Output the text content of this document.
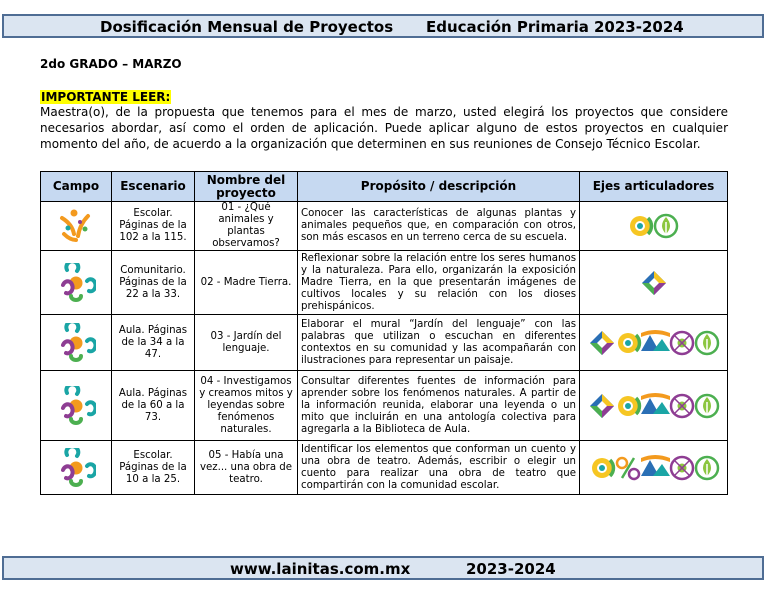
Dosificación Mensual de Proyectos Educación Primaria 2023-2024
2do GRADO – MARZO
IMPORTANTE LEER:
Maestra(o), de la propuesta que tenemos para el mes de marzo, usted elegirá los proyectos que considere necesarios abordar, así como el orden de aplicación. Puede aplicar alguno de estos proyectos en cualquier momento del año, de acuerdo a la organización que determinen en sus reuniones de Consejo Técnico Escolar.
Campo	Escenario	Nombre del proyecto	Propósito / descripción	Ejes articuladores

	Escolar. Páginas de la 102 a la 115.	01 - ¿Qué animales y plantas observamos?	Conocer las características de algunas plantas y animales pequeños que, en comparación con otros, son más escasos en un terreno cerca de su escuela.	

	Comunitario. Páginas de la 22 a la 33.	02 - Madre Tierra.	Reflexionar sobre la relación entre los seres humanos y la naturaleza. Para ello, organizarán la exposición Madre Tierra, en la que presentarán imágenes de cultivos locales y su relación con los dioses prehispánicos.	

	Aula. Páginas de la 34 a la 47.	03 - Jardín del lenguaje.	Elaborar el mural “Jardín del lenguaje” con las palabras que utilizan o escuchan en diferentes contextos en su comunidad y las acompañarán con ilustraciones para representar un paisaje.	

	Aula. Páginas de la 60 a la 73.	04 - Investigamos y creamos mitos y leyendas sobre fenómenos naturales.	Consultar diferentes fuentes de información para aprender sobre los fenómenos naturales. A partir de la información reunida, elaborar una leyenda o un mito que incluirán en una antología colectiva para agregarla a la Biblioteca de Aula.	

	Escolar. Páginas de la 10 a la 25.	05 - Había una vez... una obra de teatro.	Identificar los elementos que conforman un cuento y una obra de teatro. Además, escribir o elegir un cuento para realizar una obra de teatro que compartirán con la comunidad escolar.	
www.lainitas.com.mx	2023-2024
